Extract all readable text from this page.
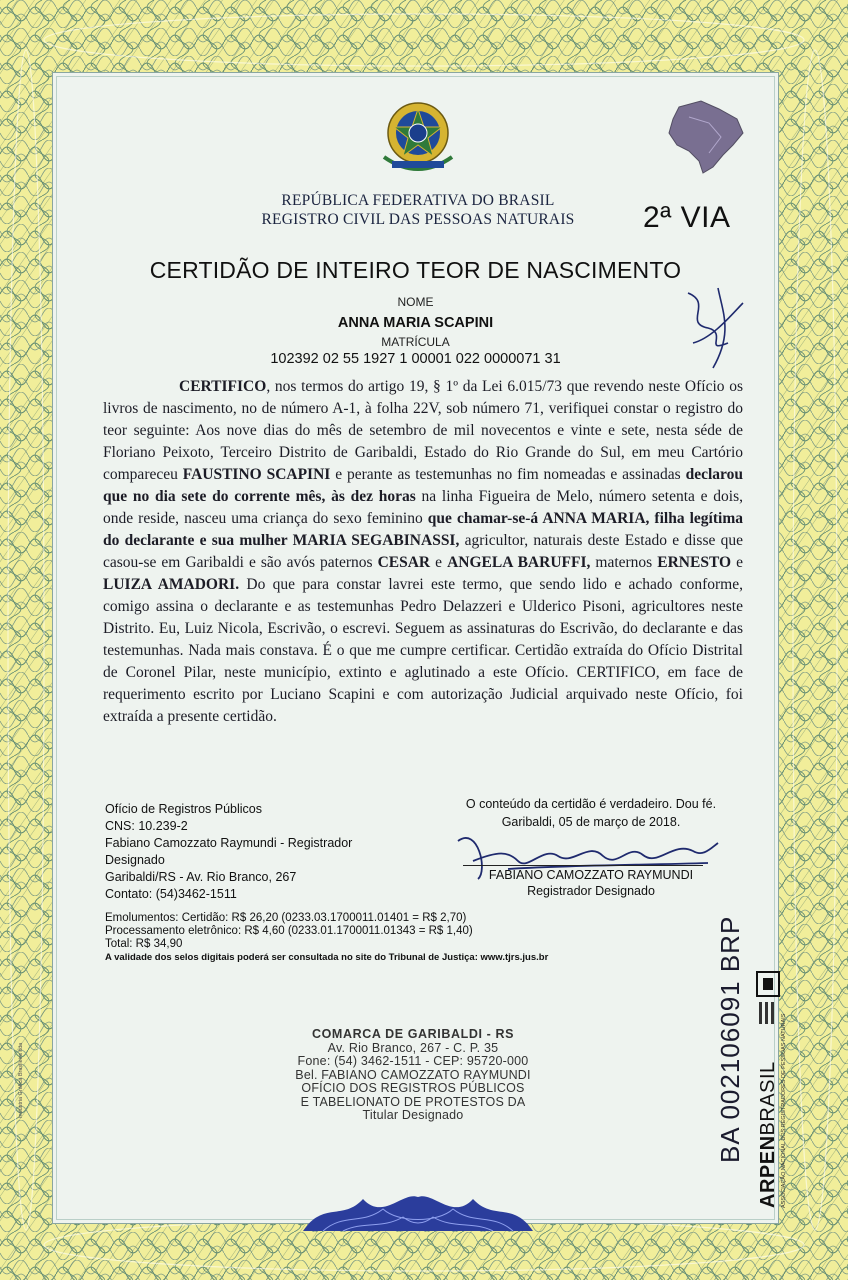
REPÚBLICA FEDERATIVA DO BRASIL
REGISTRO CIVIL DAS PESSOAS NATURAIS	2ª VIA
CERTIDÃO DE INTEIRO TEOR DE NASCIMENTO
NOME
ANNA MARIA SCAPINI
MATRÍCULA
102392 02 55 1927 1 00001 022 0000071 31
CERTIFICO, nos termos do artigo 19, § 1º da Lei 6.015/73 que revendo neste Ofício os livros de nascimento, no de número A-1, à folha 22V, sob número 71, verifiquei constar o registro do teor seguinte: Aos nove dias do mês de setembro de mil novecentos e vinte e sete, nesta séde de Floriano Peixoto, Terceiro Distrito de Garibaldi, Estado do Rio Grande do Sul, em meu Cartório compareceu FAUSTINO SCAPINI e perante as testemunhas no fim nomeadas e assinadas declarou que no dia sete do corrente mês, às dez horas na linha Figueira de Melo, número setenta e dois, onde reside, nasceu uma criança do sexo feminino que chamar-se-á ANNA MARIA, filha legítima do declarante e sua mulher MARIA SEGABINASSI, agricultor, naturais deste Estado e disse que casou-se em Garibaldi e são avós paternos CESAR e ANGELA BARUFFI, maternos ERNESTO e LUIZA AMADORI. Do que para constar lavrei este termo, que sendo lido e achado conforme, comigo assina o declarante e as testemunhas Pedro Delazzeri e Ulderico Pisoni, agricultores neste Distrito. Eu, Luiz Nicola, Escrivão, o escrevi. Seguem as assinaturas do Escrivão, do declarante e das testemunhas. Nada mais constava. É o que me cumpre certificar. Certidão extraída do Ofício Distrital de Coronel Pilar, neste município, extinto e aglutinado a este Ofício. CERTIFICO, em face de requerimento escrito por Luciano Scapini e com autorização Judicial arquivado neste Ofício, foi extraída a presente certidão.
Ofício de Registros Públicos
CNS: 10.239-2
Fabiano Camozzato Raymundi - Registrador Designado
Garibaldi/RS - Av. Rio Branco, 267
Contato: (54)3462-1511
O conteúdo da certidão é verdadeiro. Dou fé.
Garibaldi, 05 de março de 2018.
FABIANO CAMOZZATO RAYMUNDI
Registrador Designado
Emolumentos: Certidão: R$ 26,20 (0233.03.1700011.01401 = R$ 2,70)
Processamento eletrônico: R$ 4,60 (0233.01.1700011.01343 = R$ 1,40)
Total: R$ 34,90
A validade dos selos digitais poderá ser consultada no site do Tribunal de Justiça: www.tjrs.jus.br
COMARCA DE GARIBALDI - RS
Av. Rio Branco, 267 - C. P. 35
Fone: (54) 3462-1511 - CEP: 95720-000
Bel. FABIANO CAMOZZATO RAYMUNDI
OFÍCIO DOS REGISTROS PÚBLICOS
E TABELIONATO DE PROTESTOS DA
Titular Designado	BA 002106091 BRP
ARPENBRASIL ASSOCIAÇÃO NACIONAL DOS REGISTRADORES DE PESSOAS NATURAIS
Indústria Gráfica Brasileira ltda
